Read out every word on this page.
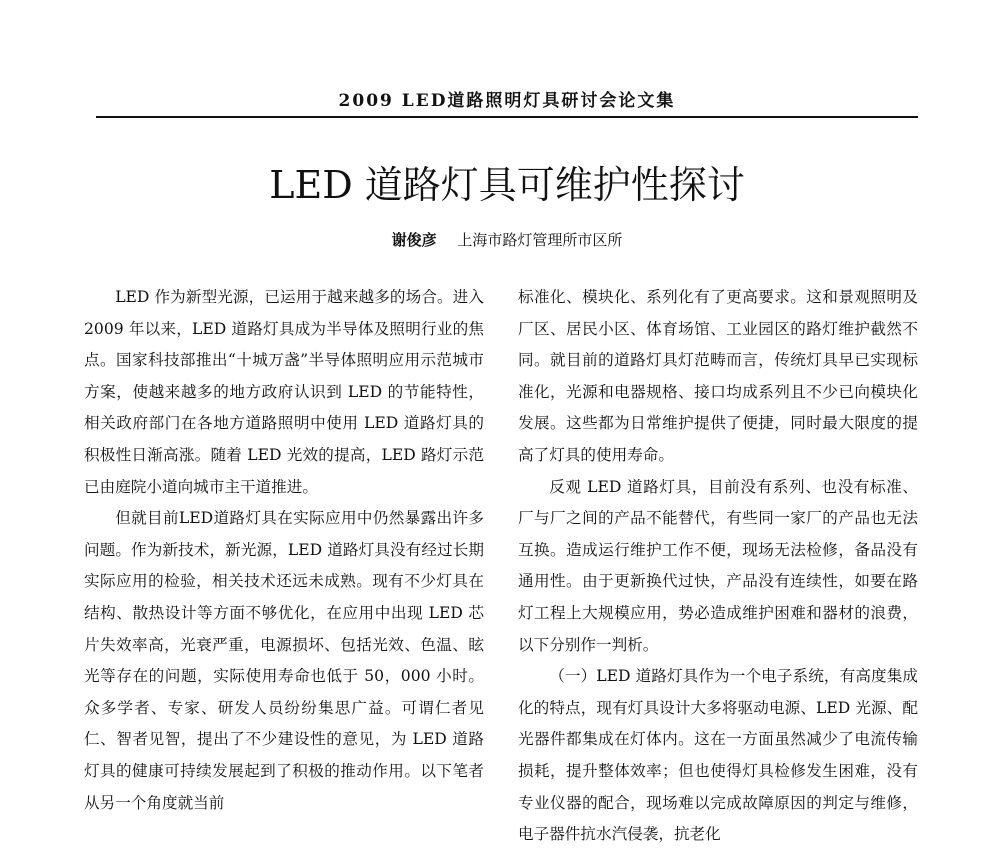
2009 LED道路照明灯具研讨会论文集
LED 道路灯具可维护性探讨
谢俊彦 上海市路灯管理所市区所

LED 作为新型光源，已运用于越来越多的场合。进入 2009 年以来，LED 道路灯具成为半导体及照明行业的焦点。国家科技部推出“十城万盏”半导体照明应用示范城市方案，使越来越多的地方政府认识到 LED 的节能特性，相关政府部门在各地方道路照明中使用 LED 道路灯具的积极性日渐高涨。随着 LED 光效的提高，LED 路灯示范已由庭院小道向城市主干道推进。

但就目前LED道路灯具在实际应用中仍然暴露出许多问题。作为新技术，新光源，LED 道路灯具没有经过长期实际应用的检验，相关技术还远未成熟。现有不少灯具在结构、散热设计等方面不够优化，在应用中出现 LED 芯片失效率高，光衰严重，电源损坏、包括光效、色温、眩光等存在的问题，实际使用寿命也低于 50，000 小时。众多学者、专家、研发人员纷纷集思广益。可谓仁者见仁、智者见智，提出了不少建设性的意见，为 LED 道路灯具的健康可持续发展起到了积极的推动作用。以下笔者从另一个角度就当前

标准化、模块化、系列化有了更高要求。这和景观照明及厂区、居民小区、体育场馆、工业园区的路灯维护截然不同。就目前的道路灯具灯范畴而言，传统灯具早已实现标准化，光源和电器规格、接口均成系列且不少已向模块化发展。这些都为日常维护提供了便捷，同时最大限度的提高了灯具的使用寿命。

反观 LED 道路灯具，目前没有系列、也没有标准、厂与厂之间的产品不能替代，有些同一家厂的产品也无法互换。造成运行维护工作不便，现场无法检修，备品没有通用性。由于更新换代过快，产品没有连续性，如要在路灯工程上大规模应用，势必造成维护困难和器材的浪费，以下分别作一判析。

（一）LED 道路灯具作为一个电子系统，有高度集成化的特点，现有灯具设计大多将驱动电源、LED 光源、配光器件都集成在灯体内。这在一方面虽然减少了电流传输损耗，提升整体效率；但也使得灯具检修发生困难，没有专业仪器的配合，现场难以完成故障原因的判定与维修，电子器件抗水汽侵袭，抗老化
